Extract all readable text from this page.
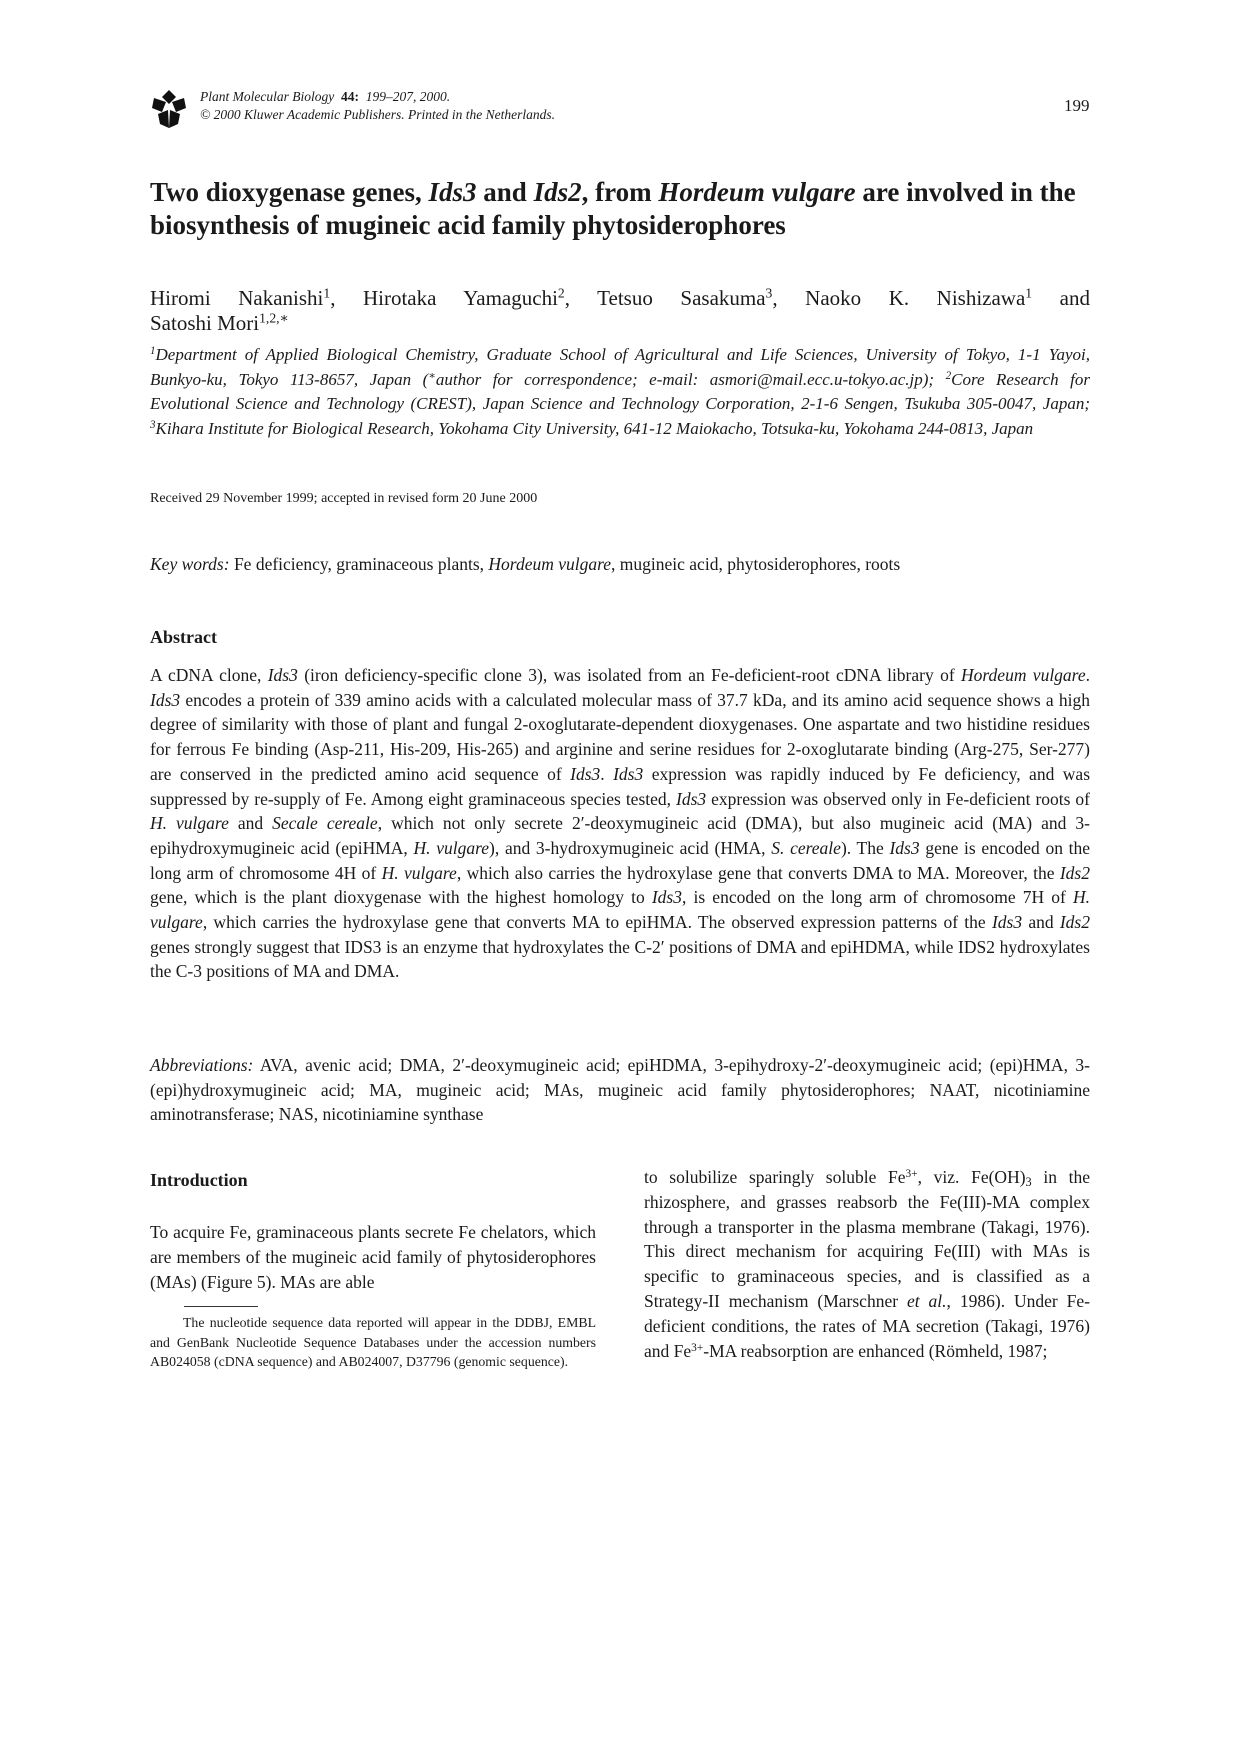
Plant Molecular Biology 44: 199–207, 2000.
© 2000 Kluwer Academic Publishers. Printed in the Netherlands.	199
Two dioxygenase genes, Ids3 and Ids2, from Hordeum vulgare are involved in the biosynthesis of mugineic acid family phytosiderophores
Hiromi Nakanishi$^1$, Hirotaka Yamaguchi$^2$, Tetsuo Sasakuma$^3$, Naoko K. Nishizawa$^1$ and
Satoshi Mori$^{1,2,∗}$
$^1$Department of Applied Biological Chemistry, Graduate School of Agricultural and Life Sciences, University of Tokyo, 1-1 Yayoi, Bunkyo-ku, Tokyo 113-8657, Japan (∗author for correspondence; e-mail: asmori@mail.ecc.u-tokyo.ac.jp); $^2$Core Research for Evolutional Science and Technology (CREST), Japan Science and Technology Corporation, 2-1-6 Sengen, Tsukuba 305-0047, Japan; $^3$Kihara Institute for Biological Research, Yokohama City University, 641-12 Maiokacho, Totsuka-ku, Yokohama 244-0813, Japan
Received 29 November 1999; accepted in revised form 20 June 2000
Key words: Fe deficiency, graminaceous plants, Hordeum vulgare, mugineic acid, phytosiderophores, roots
Abstract

A cDNA clone, Ids3 (iron deficiency-specific clone 3), was isolated from an Fe-deficient-root cDNA library of Hordeum vulgare. Ids3 encodes a protein of 339 amino acids with a calculated molecular mass of 37.7 kDa, and its amino acid sequence shows a high degree of similarity with those of plant and fungal 2-oxoglutarate-dependent dioxygenases. One aspartate and two histidine residues for ferrous Fe binding (Asp-211, His-209, His-265) and arginine and serine residues for 2-oxoglutarate binding (Arg-275, Ser-277) are conserved in the predicted amino acid sequence of Ids3. Ids3 expression was rapidly induced by Fe deficiency, and was suppressed by re-supply of Fe. Among eight graminaceous species tested, Ids3 expression was observed only in Fe-deficient roots of H. vulgare and Secale cereale, which not only secrete 2′-deoxymugineic acid (DMA), but also mugineic acid (MA) and 3-epihydroxymugineic acid (epiHMA, H. vulgare), and 3-hydroxymugineic acid (HMA, S. cereale). The Ids3 gene is encoded on the long arm of chromosome 4H of H. vulgare, which also carries the hydroxylase gene that converts DMA to MA. Moreover, the Ids2 gene, which is the plant dioxygenase with the highest homology to Ids3, is encoded on the long arm of chromosome 7H of H. vulgare, which carries the hydroxylase gene that converts MA to epiHMA. The observed expression patterns of the Ids3 and Ids2 genes strongly suggest that IDS3 is an enzyme that hydroxylates the C-2′ positions of DMA and epiHDMA, while IDS2 hydroxylates the C-3 positions of MA and DMA.

Abbreviations: AVA, avenic acid; DMA, 2′-deoxymugineic acid; epiHDMA, 3-epihydroxy-2′-deoxymugineic acid; (epi)HMA, 3-(epi)hydroxymugineic acid; MA, mugineic acid; MAs, mugineic acid family phytosiderophores; NAAT, nicotiniamine aminotransferase; NAS, nicotiniamine synthase

Introduction

To acquire Fe, graminaceous plants secrete Fe chelators, which are members of the mugineic acid family of phytosiderophores (MAs) (Figure 5). MAs are able

The nucleotide sequence data reported will appear in the DDBJ, EMBL and GenBank Nucleotide Sequence Databases under the accession numbers AB024058 (cDNA sequence) and AB024007, D37796 (genomic sequence).

to solubilize sparingly soluble $Fe^{3+}$, viz. $Fe(OH)_3$ in the rhizosphere, and grasses reabsorb the Fe(III)-MA complex through a transporter in the plasma membrane (Takagi, 1976). This direct mechanism for acquiring Fe(III) with MAs is specific to graminaceous species, and is classified as a Strategy-II mechanism (Marschner et al., 1986). Under Fe-deficient conditions, the rates of MA secretion (Takagi, 1976) and $Fe^{3+}-MA$ reabsorption are enhanced (Römheld, 1987;
